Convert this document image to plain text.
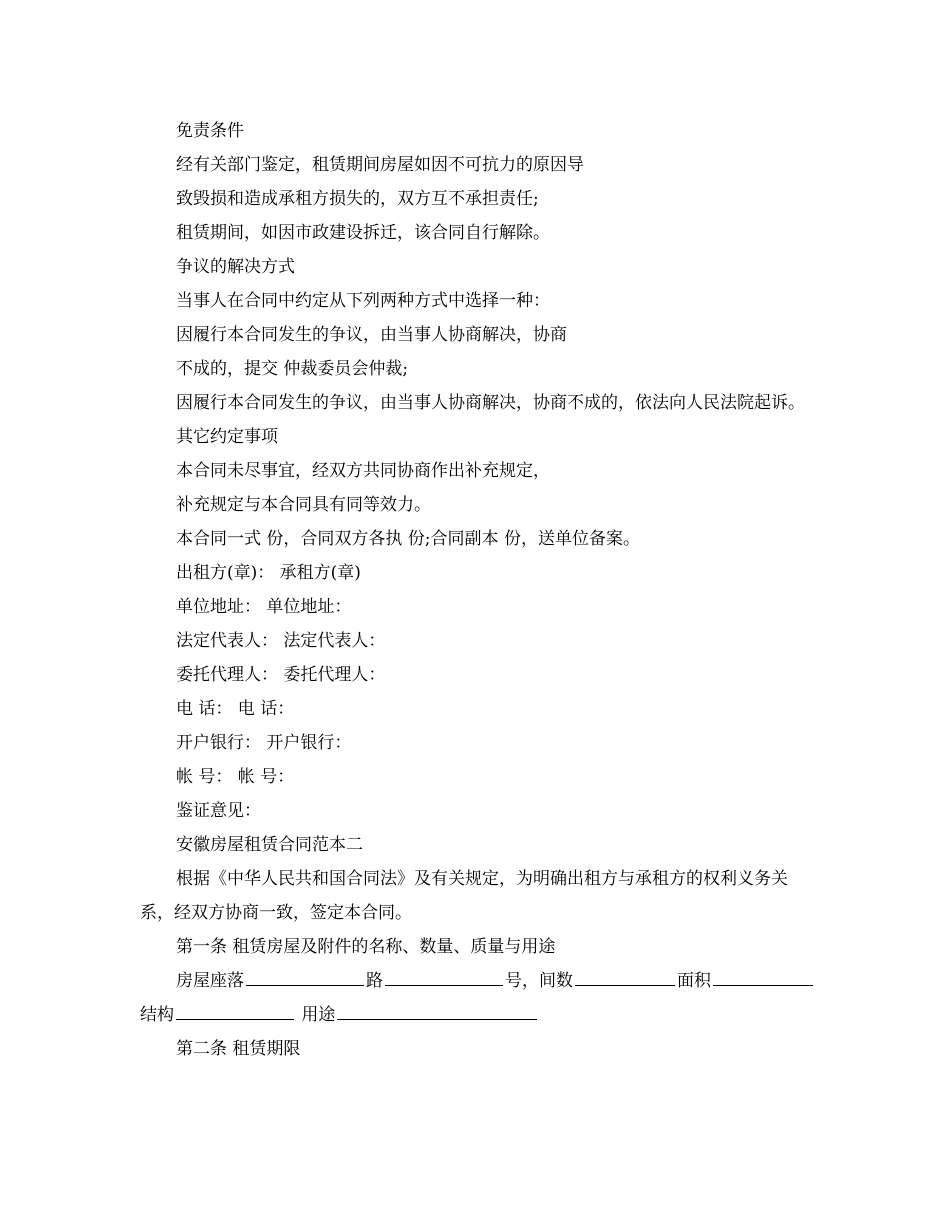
免责条件
经有关部门鉴定，租赁期间房屋如因不可抗力的原因导
致毁损和造成承租方损失的，双方互不承担责任;
租赁期间，如因市政建设拆迁，该合同自行解除。
争议的解决方式
当事人在合同中约定从下列两种方式中选择一种：
因履行本合同发生的争议，由当事人协商解决，协商
不成的，提交 仲裁委员会仲裁;
因履行本合同发生的争议，由当事人协商解决，协商不成的，依法向人民法院起诉。
其它约定事项
本合同未尽事宜，经双方共同协商作出补充规定，
补充规定与本合同具有同等效力。
本合同一式 份，合同双方各执 份;合同副本 份，送单位备案。
出租方(章)： 承租方(章)
单位地址： 单位地址：
法定代表人： 法定代表人：
委托代理人： 委托代理人：
电 话： 电 话：
开户银行： 开户银行：
帐 号： 帐 号：
鉴证意见：
安徽房屋租赁合同范本二
根据《中华人民共和国合同法》及有关规定，为明确出租方与承租方的权利义务关系，经双方协商一致，签定本合同。
第一条 租赁房屋及附件的名称、数量、质量与用途
房屋座落	路	号，间数	面积结构	用途
第二条 租赁期限
